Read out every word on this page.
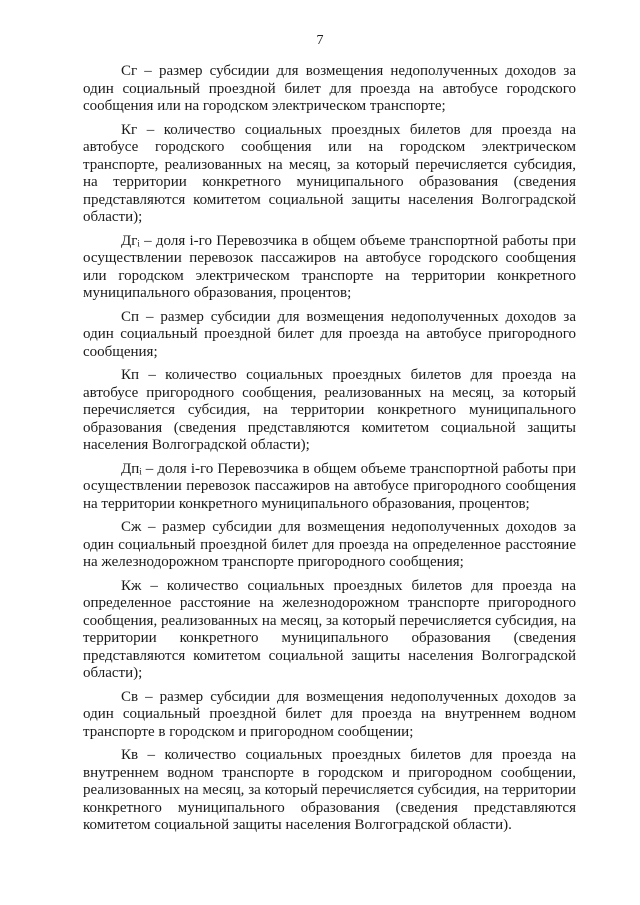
7

Сг – размер субсидии для возмещения недополученных доходов за один социальный проездной билет для проезда на автобусе городского сообщения или на городском электрическом транспорте;

Кг – количество социальных проездных билетов для проезда на автобусе городского сообщения или на городском электрическом транспорте, реализованных на месяц, за который перечисляется субсидия, на территории конкретного муниципального образования (сведения представляются комитетом социальной защиты населения Волгоградской области);

Дгᵢ – доля i-го Перевозчика в общем объеме транспортной работы при осуществлении перевозок пассажиров на автобусе городского сообщения или городском электрическом транспорте на территории конкретного муниципального образования, процентов;

Сп – размер субсидии для возмещения недополученных доходов за один социальный проездной билет для проезда на автобусе пригородного сообщения;

Кп – количество социальных проездных билетов для проезда на автобусе пригородного сообщения, реализованных на месяц, за который перечисляется субсидия, на территории конкретного муниципального образования (сведения представляются комитетом социальной защиты населения Волгоградской области);

Дпᵢ – доля i-го Перевозчика в общем объеме транспортной работы при осуществлении перевозок пассажиров на автобусе пригородного сообщения на территории конкретного муниципального образования, процентов;

Сж – размер субсидии для возмещения недополученных доходов за один социальный проездной билет для проезда на определенное расстояние на железнодорожном транспорте пригородного сообщения;

Кж – количество социальных проездных билетов для проезда на определенное расстояние на железнодорожном транспорте пригородного сообщения, реализованных на месяц, за который перечисляется субсидия, на территории конкретного муниципального образования (сведения представляются комитетом социальной защиты населения Волгоградской области);

Св – размер субсидии для возмещения недополученных доходов за один социальный проездной билет для проезда на внутреннем водном транспорте в городском и пригородном сообщении;

Кв – количество социальных проездных билетов для проезда на внутреннем водном транспорте в городском и пригородном сообщении, реализованных на месяц, за который перечисляется субсидия, на территории конкретного муниципального образования (сведения представляются комитетом социальной защиты населения Волгоградской области).
